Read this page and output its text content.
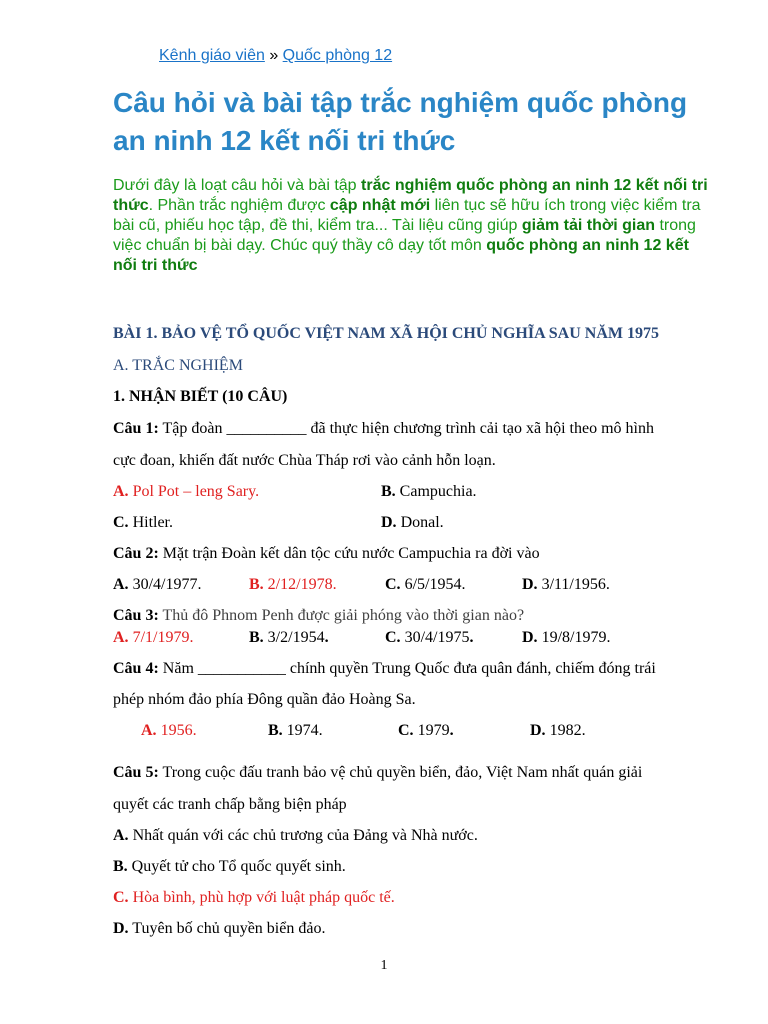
Kênh giáo viên » Quốc phòng 12
Câu hỏi và bài tập trắc nghiệm quốc phòng an ninh 12 kết nối tri thức
Dưới đây là loạt câu hỏi và bài tập trắc nghiệm quốc phòng an ninh 12 kết nối tri thức. Phần trắc nghiệm được cập nhật mới liên tục sẽ hữu ích trong việc kiểm tra bài cũ, phiếu học tập, đề thi, kiểm tra... Tài liệu cũng giúp giảm tải thời gian trong việc chuẩn bị bài dạy. Chúc quý thầy cô dạy tốt môn quốc phòng an ninh 12 kết nối tri thức
BÀI 1. BẢO VỆ TỔ QUỐC VIỆT NAM XÃ HỘI CHỦ NGHĨA SAU NĂM 1975
A. TRẮC NGHIỆM
1. NHẬN BIẾT (10 CÂU)
Câu 1: Tập đoàn __________ đã thực hiện chương trình cải tạo xã hội theo mô hình
cực đoan, khiến đất nước Chùa Tháp rơi vào cảnh hỗn loạn.
A. Pol Pot – leng Sary.	B. Campuchia.
C. Hitler.	D. Donal.
Câu 2: Mặt trận Đoàn kết dân tộc cứu nước Campuchia ra đời vào
A. 30/4/1977.	B. 2/12/1978.	C. 6/5/1954.	D. 3/11/1956.
Câu 3: Thủ đô Phnom Penh được giải phóng vào thời gian nào?
A. 7/1/1979.	B. 3/2/1954.	C. 30/4/1975.	D. 19/8/1979.
Câu 4: Năm ___________ chính quyền Trung Quốc đưa quân đánh, chiếm đóng trái
phép nhóm đảo phía Đông quần đảo Hoàng Sa.
A. 1956.	B. 1974.	C. 1979.	D. 1982.
Câu 5: Trong cuộc đấu tranh bảo vệ chủ quyền biển, đảo, Việt Nam nhất quán giải
quyết các tranh chấp bằng biện pháp
A. Nhất quán với các chủ trương của Đảng và Nhà nước.
B. Quyết tử cho Tổ quốc quyết sinh.
C. Hòa bình, phù hợp với luật pháp quốc tế.
D. Tuyên bố chủ quyền biển đảo.
1
